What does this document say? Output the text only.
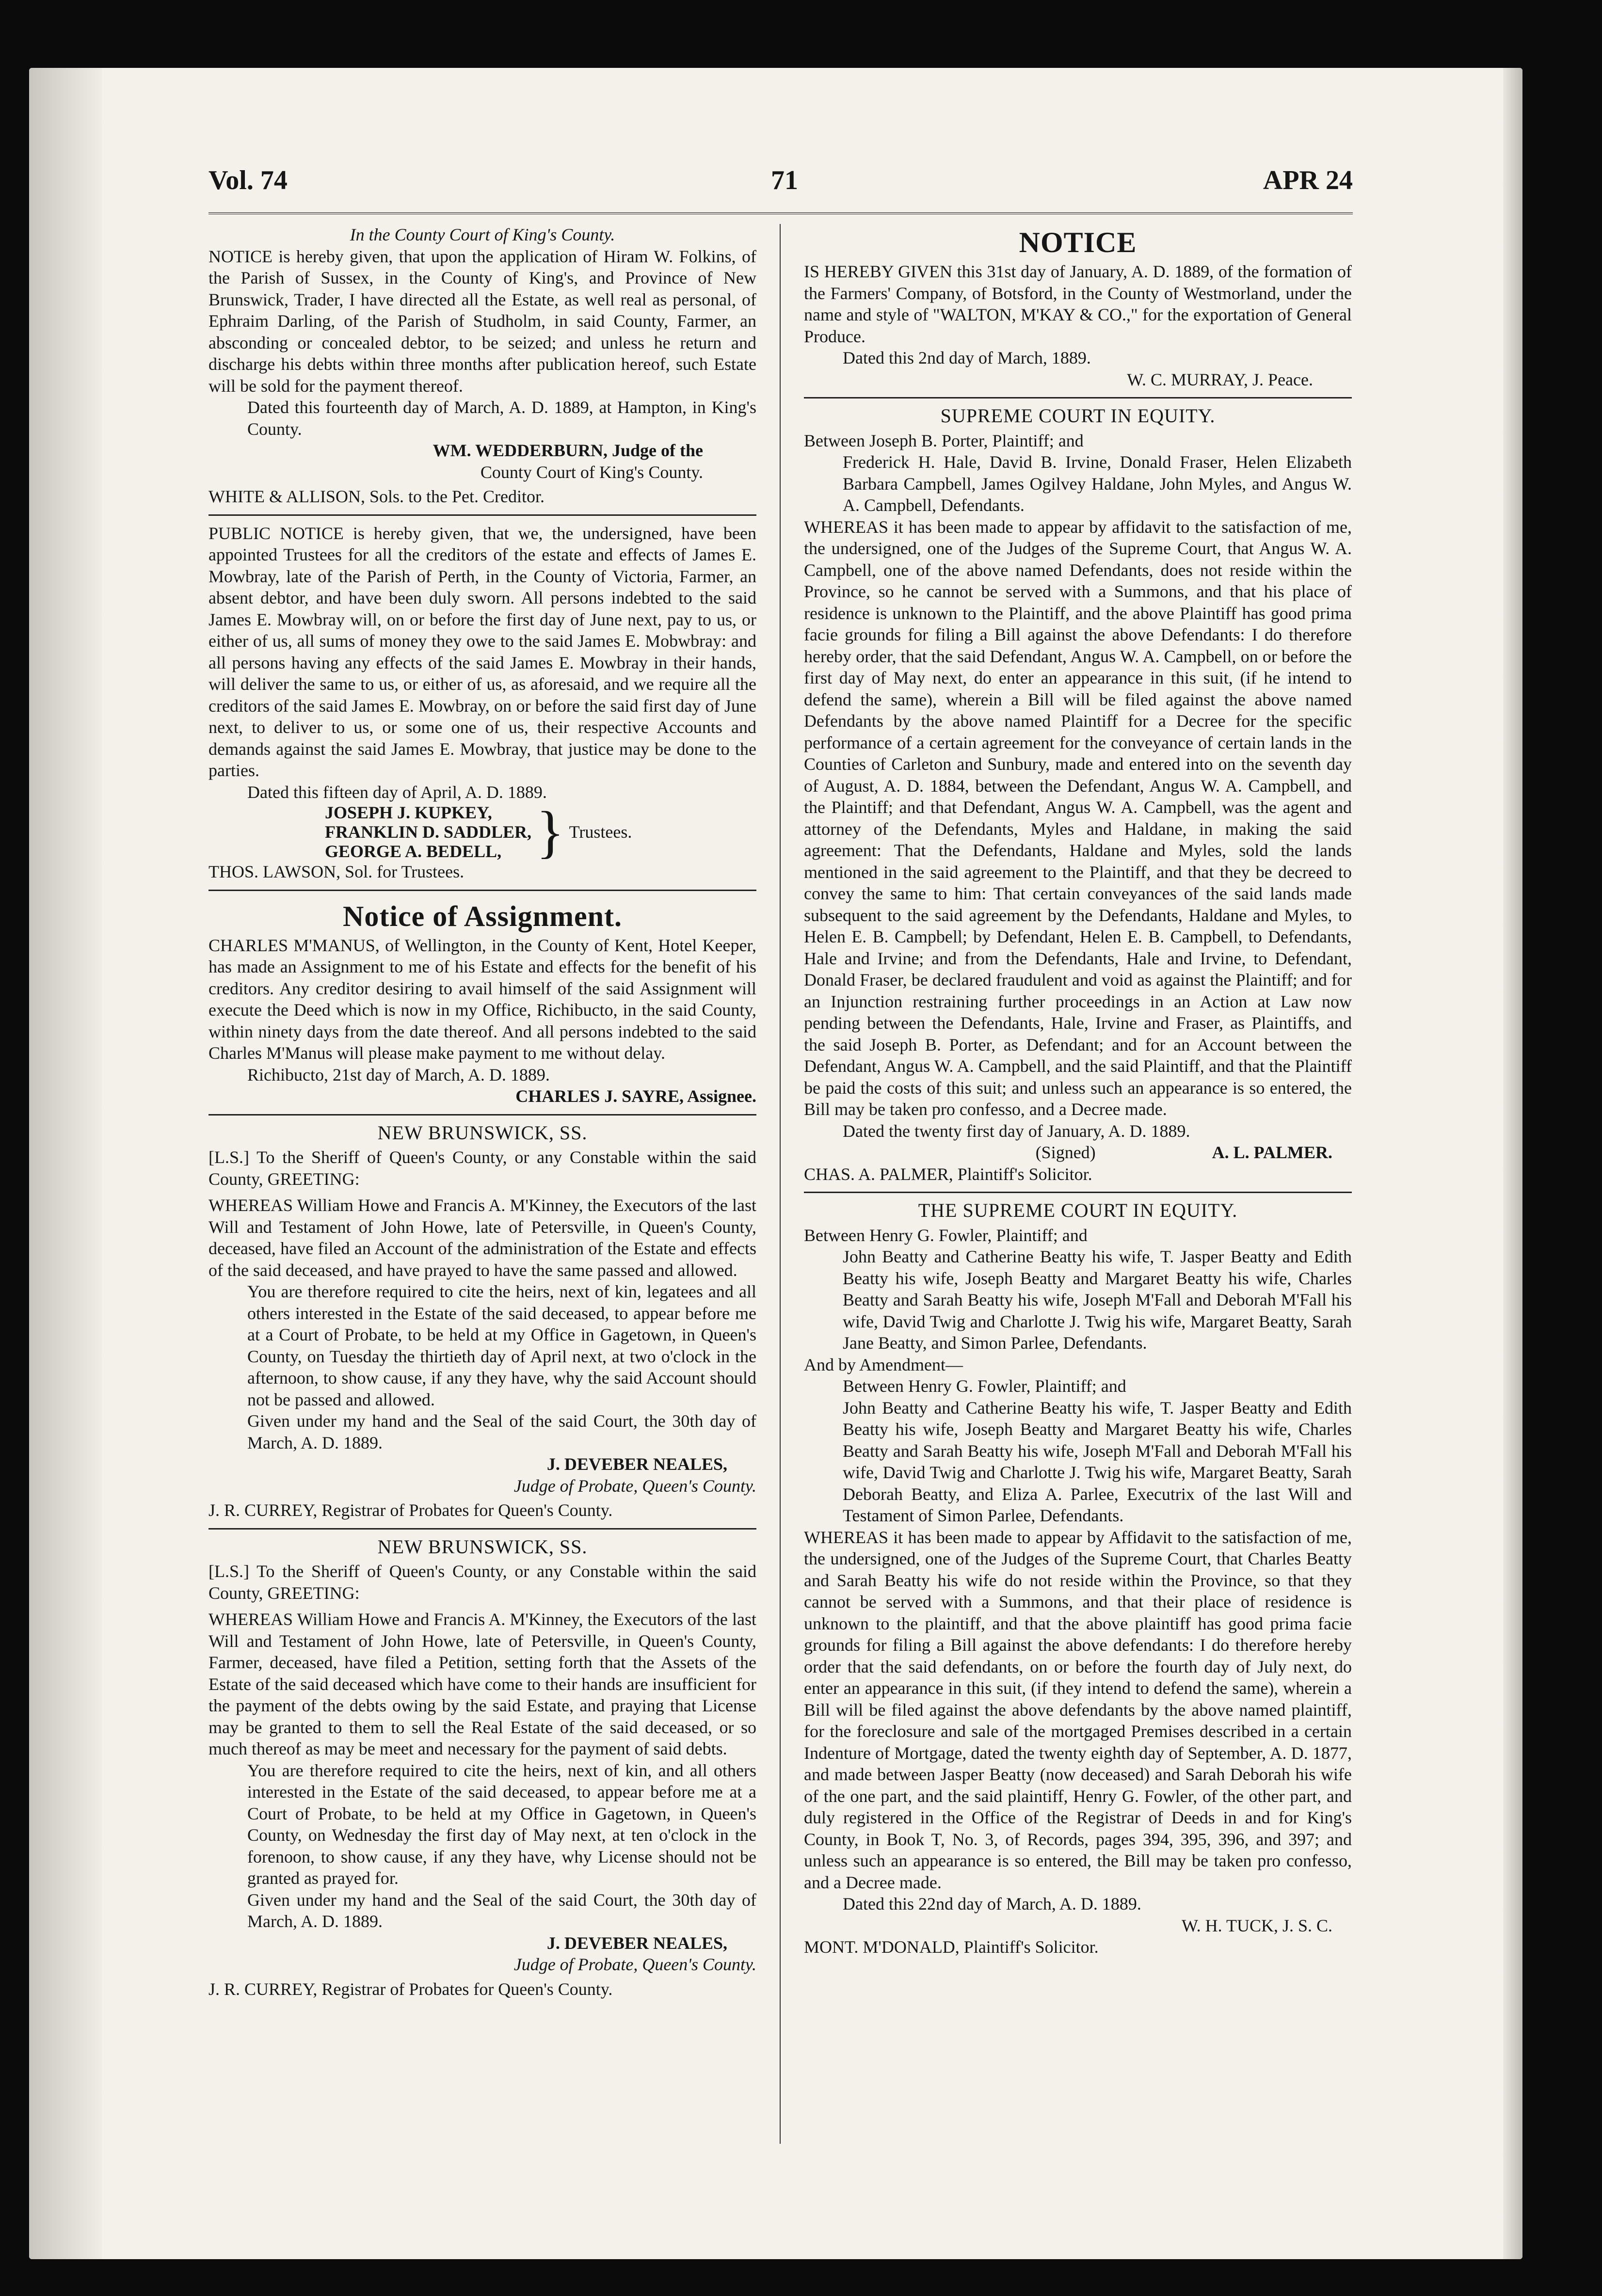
Vol. 74	71	APR 24
In the County Court of King's County.

NOTICE is hereby given, that upon the application of Hiram W. Folkins, of the Parish of Sussex, in the County of King's, and Province of New Brunswick, Trader, I have directed all the Estate, as well real as personal, of Ephraim Darling, of the Parish of Studholm, in said County, Farmer, an absconding or concealed debtor, to be seized; and unless he return and discharge his debts within three months after publication hereof, such Estate will be sold for the payment thereof.

Dated this fourteenth day of March, A. D. 1889, at Hampton, in King's County.

WM. WEDDERBURN, Judge of the
County Court of King's County.
WHITE & ALLISON, Sols. to the Pet. Creditor.

PUBLIC NOTICE is hereby given, that we, the undersigned, have been appointed Trustees for all the creditors of the estate and effects of James E. Mowbray, late of the Parish of Perth, in the County of Victoria, Farmer, an absent debtor, and have been duly sworn. All persons indebted to the said James E. Mowbray will, on or before the first day of June next, pay to us, or either of us, all sums of money they owe to the said James E. Mobwbray: and all persons having any effects of the said James E. Mowbray in their hands, will deliver the same to us, or either of us, as aforesaid, and we require all the creditors of the said James E. Mowbray, on or before the said first day of June next, to deliver to us, or some one of us, their respective Accounts and demands against the said James E. Mowbray, that justice may be done to the parties.

Dated this fifteen day of April, A. D. 1889.

JOSEPH J. KUPKEY,
FRANKLIN D. SADDLER,
GEORGE A. BEDELL, } Trustees.
THOS. LAWSON, Sol. for Trustees.
Notice of Assignment.

CHARLES M'MANUS, of Wellington, in the County of Kent, Hotel Keeper, has made an Assignment to me of his Estate and effects for the benefit of his creditors. Any creditor desiring to avail himself of the said Assignment will execute the Deed which is now in my Office, Richibucto, in the said County, within ninety days from the date thereof. And all persons indebted to the said Charles M'Manus will please make payment to me without delay.

Richibucto, 21st day of March, A. D. 1889.

CHARLES J. SAYRE, Assignee.
NEW BRUNSWICK, SS.

[L.S.] To the Sheriff of Queen's County, or any Constable within the said County, GREETING:

WHEREAS William Howe and Francis A. M'Kinney, the Executors of the last Will and Testament of John Howe, late of Petersville, in Queen's County, deceased, have filed an Account of the administration of the Estate and effects of the said deceased, and have prayed to have the same passed and allowed.

You are therefore required to cite the heirs, next of kin, legatees and all others interested in the Estate of the said deceased, to appear before me at a Court of Probate, to be held at my Office in Gagetown, in Queen's County, on Tuesday the thirtieth day of April next, at two o'clock in the afternoon, to show cause, if any they have, why the said Account should not be passed and allowed.

Given under my hand and the Seal of the said Court, the 30th day of March, A. D. 1889.

J. DEVEBER NEALES,
Judge of Probate, Queen's County.
J. R. CURREY, Registrar of Probates for Queen's County.
NEW BRUNSWICK, SS.

[L.S.] To the Sheriff of Queen's County, or any Constable within the said County, GREETING:

WHEREAS William Howe and Francis A. M'Kinney, the Executors of the last Will and Testament of John Howe, late of Petersville, in Queen's County, Farmer, deceased, have filed a Petition, setting forth that the Assets of the Estate of the said deceased which have come to their hands are insufficient for the payment of the debts owing by the said Estate, and praying that License may be granted to them to sell the Real Estate of the said deceased, or so much thereof as may be meet and necessary for the payment of said debts.

You are therefore required to cite the heirs, next of kin, and all others interested in the Estate of the said deceased, to appear before me at a Court of Probate, to be held at my Office in Gagetown, in Queen's County, on Wednesday the first day of May next, at ten o'clock in the forenoon, to show cause, if any they have, why License should not be granted as prayed for.

Given under my hand and the Seal of the said Court, the 30th day of March, A. D. 1889.

J. DEVEBER NEALES,
Judge of Probate, Queen's County.
J. R. CURREY, Registrar of Probates for Queen's County.
NOTICE

IS HEREBY GIVEN this 31st day of January, A. D. 1889, of the formation of the Farmers' Company, of Botsford, in the County of Westmorland, under the name and style of "WALTON, M'KAY & CO.," for the exportation of General Produce.

Dated this 2nd day of March, 1889.

W. C. MURRAY, J. Peace.
SUPREME COURT IN EQUITY.

Between Joseph B. Porter, Plaintiff; and

Frederick H. Hale, David B. Irvine, Donald Fraser, Helen Elizabeth Barbara Campbell, James Ogilvey Haldane, John Myles, and Angus W. A. Campbell, Defendants.

WHEREAS it has been made to appear by affidavit to the satisfaction of me, the undersigned, one of the Judges of the Supreme Court, that Angus W. A. Campbell, one of the above named Defendants, does not reside within the Province, so he cannot be served with a Summons, and that his place of residence is unknown to the Plaintiff, and the above Plaintiff has good prima facie grounds for filing a Bill against the above Defendants: I do therefore hereby order, that the said Defendant, Angus W. A. Campbell, on or before the first day of May next, do enter an appearance in this suit, (if he intend to defend the same), wherein a Bill will be filed against the above named Defendants by the above named Plaintiff for a Decree for the specific performance of a certain agreement for the conveyance of certain lands in the Counties of Carleton and Sunbury, made and entered into on the seventh day of August, A. D. 1884, between the Defendant, Angus W. A. Campbell, and the Plaintiff; and that Defendant, Angus W. A. Campbell, was the agent and attorney of the Defendants, Myles and Haldane, in making the said agreement: That the Defendants, Haldane and Myles, sold the lands mentioned in the said agreement to the Plaintiff, and that they be decreed to convey the same to him: That certain conveyances of the said lands made subsequent to the said agreement by the Defendants, Haldane and Myles, to Helen E. B. Campbell; by Defendant, Helen E. B. Campbell, to Defendants, Hale and Irvine; and from the Defendants, Hale and Irvine, to Defendant, Donald Fraser, be declared fraudulent and void as against the Plaintiff; and for an Injunction restraining further proceedings in an Action at Law now pending between the Defendants, Hale, Irvine and Fraser, as Plaintiffs, and the said Joseph B. Porter, as Defendant; and for an Account between the Defendant, Angus W. A. Campbell, and the said Plaintiff, and that the Plaintiff be paid the costs of this suit; and unless such an appearance is so entered, the Bill may be taken pro confesso, and a Decree made.

Dated the twenty first day of January, A. D. 1889.

(Signed)	A. L. PALMER.
CHAS. A. PALMER, Plaintiff's Solicitor.
THE SUPREME COURT IN EQUITY.

Between Henry G. Fowler, Plaintiff; and

John Beatty and Catherine Beatty his wife, T. Jasper Beatty and Edith Beatty his wife, Joseph Beatty and Margaret Beatty his wife, Charles Beatty and Sarah Beatty his wife, Joseph M'Fall and Deborah M'Fall his wife, David Twig and Charlotte J. Twig his wife, Margaret Beatty, Sarah Jane Beatty, and Simon Parlee, Defendants.

And by Amendment—

Between Henry G. Fowler, Plaintiff; and

John Beatty and Catherine Beatty his wife, T. Jasper Beatty and Edith Beatty his wife, Joseph Beatty and Margaret Beatty his wife, Charles Beatty and Sarah Beatty his wife, Joseph M'Fall and Deborah M'Fall his wife, David Twig and Charlotte J. Twig his wife, Margaret Beatty, Sarah Deborah Beatty, and Eliza A. Parlee, Executrix of the last Will and Testament of Simon Parlee, Defendants.

WHEREAS it has been made to appear by Affidavit to the satisfaction of me, the undersigned, one of the Judges of the Supreme Court, that Charles Beatty and Sarah Beatty his wife do not reside within the Province, so that they cannot be served with a Summons, and that their place of residence is unknown to the plaintiff, and that the above plaintiff has good prima facie grounds for filing a Bill against the above defendants: I do therefore hereby order that the said defendants, on or before the fourth day of July next, do enter an appearance in this suit, (if they intend to defend the same), wherein a Bill will be filed against the above defendants by the above named plaintiff, for the foreclosure and sale of the mortgaged Premises described in a certain Indenture of Mortgage, dated the twenty eighth day of September, A. D. 1877, and made between Jasper Beatty (now deceased) and Sarah Deborah his wife of the one part, and the said plaintiff, Henry G. Fowler, of the other part, and duly registered in the Office of the Registrar of Deeds in and for King's County, in Book T, No. 3, of Records, pages 394, 395, 396, and 397; and unless such an appearance is so entered, the Bill may be taken pro confesso, and a Decree made.

Dated this 22nd day of March, A. D. 1889.

W. H. TUCK, J. S. C.
MONT. M'DONALD, Plaintiff's Solicitor.
